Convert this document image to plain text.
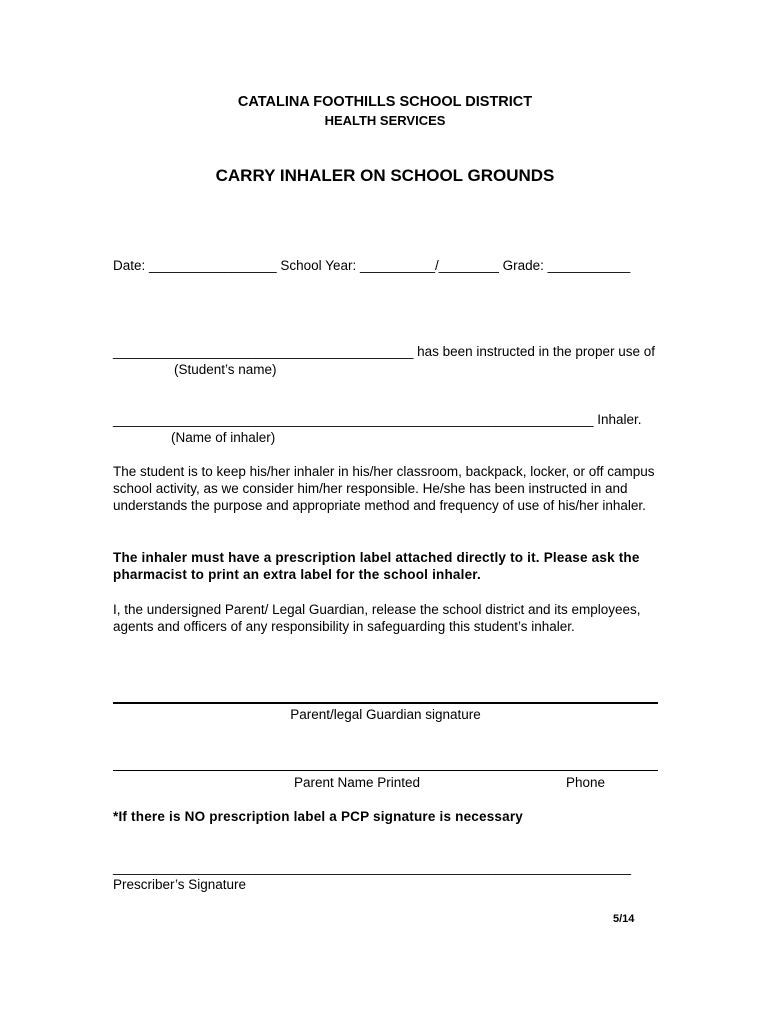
CATALINA FOOTHILLS SCHOOL DISTRICT
HEALTH SERVICES
CARRY INHALER ON SCHOOL GROUNDS
Date: _________________ School Year: __________/________ Grade: ___________
________________________________________ has been instructed in the proper use of
(Student’s name)
________________________________________________________________ Inhaler.
(Name of inhaler)
The student is to keep his/her inhaler in his/her classroom, backpack, locker, or off campus school activity, as we consider him/her responsible. He/she has been instructed in and understands the purpose and appropriate method and frequency of use of his/her inhaler.
The inhaler must have a prescription label attached directly to it. Please ask the pharmacist to print an extra label for the school inhaler.
I, the undersigned Parent/ Legal Guardian, release the school district and its employees, agents and officers of any responsibility in safeguarding this student’s inhaler.
Parent/legal Guardian signature
Parent Name Printed	Phone
*If there is NO prescription label a PCP signature is necessary
_____________________________________________________________________
Prescriber’s Signature
5/14
